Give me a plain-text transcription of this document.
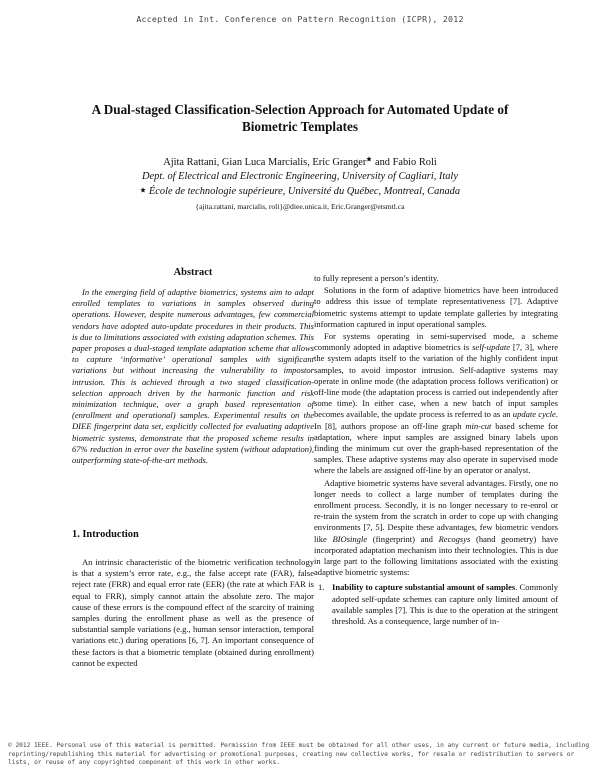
Accepted in Int. Conference on Pattern Recognition (ICPR), 2012
A Dual-staged Classification-Selection Approach for Automated Update of
Biometric Templates
Ajita Rattani, Gian Luca Marcialis, Eric Granger and Fabio Roli
Dept. of Electrical and Electronic Engineering, University of Cagliari, Italy
École de technologie supérieure, Université du Québec, Montreal, Canada
{ajita.rattani, marcialis, roli}@diee.unica.it, Eric.Granger@etsmtl.ca
Abstract

In the emerging field of adaptive biometrics, systems aim to adapt enrolled templates to variations in samples observed during operations. However, despite numerous advantages, few commercial vendors have adopted auto-update procedures in their products. This is due to limitations associated with existing adaptation schemes. This paper proposes a dual-staged template adaptation scheme that allows to capture ‘informative’ operational samples with significant variations but without increasing the vulnerability to impostor intrusion. This is achieved through a two staged classification-selection approach driven by the harmonic function and risk minimization technique, over a graph based representation of (enrollment and operational) samples. Experimental results on the DIEE fingerprint data set, explicitly collected for evaluating adaptive biometric systems, demonstrate that the proposed scheme results in 67% reduction in error over the baseline system (without adaptation), outperforming state-of-the-art methods.

1. Introduction

An intrinsic characteristic of the biometric verification technology is that a system’s error rate, e.g., the false accept rate (FAR), false reject rate (FRR) and equal error rate (EER) (the rate at which FAR is equal to FRR), simply cannot attain the absolute zero. The major cause of these errors is the compound effect of the scarcity of training samples during the enrollment phase as well as the presence of substantial sample variations (e.g., human sensor interaction, temporal variations etc.) during operations [6, 7]. An important consequence of these factors is that a biometric template (obtained during enrollment) cannot be expected

to fully represent a person’s identity.

Solutions in the form of adaptive biometrics have been introduced to address this issue of template representativeness [7]. Adaptive biometric systems attempt to update template galleries by integrating information captured in input operational samples.

For systems operating in semi-supervised mode, a scheme commonly adopted in adaptive biometrics is self-update [7, 3], where the system adapts itself to the variation of the highly confident input samples, to avoid impostor intrusion. Self-adaptive systems may operate in online mode (the adaptation process follows verification) or off-line mode (the adaptation process is carried out independently after some time). In either case, when a new batch of input samples becomes available, the update process is referred to as an update cycle. In [8], authors propose an off-line graph min-cut based scheme for adaptation, where input samples are assigned binary labels upon finding the minimum cut over the graph-based representation of the samples. These adaptive systems may also operate in supervised mode where the labels are assigned off-line by an operator or analyst.

Adaptive biometric systems have several advantages. Firstly, one no longer needs to collect a large number of templates during the enrollment process. Secondly, it is no longer necessary to re-enrol or re-train the system from the scratch in order to cope up with changing environments [7, 5]. Despite these advantages, few biometric vendors like BIOsingle (fingerprint) and Recogsys (hand geometry) have incorporated adaptation mechanism into their technologies. This is due in large part to the following limitations associated with the existing adaptive biometric systems:

1. Inability to capture substantial amount of samples. Commonly adopted self-update schemes can capture only limited amount of available samples [7]. This is due to the operation at the stringent threshold. As a consequence, large number of in-
© 2012 IEEE. Personal use of this material is permitted. Permission from IEEE must be obtained for all other uses, in any current or future media, including reprinting/republishing this material for advertising or promotional purposes, creating new collective works, for resale or redistribution to servers or lists, or reuse of any copyrighted component of this work in other works.
